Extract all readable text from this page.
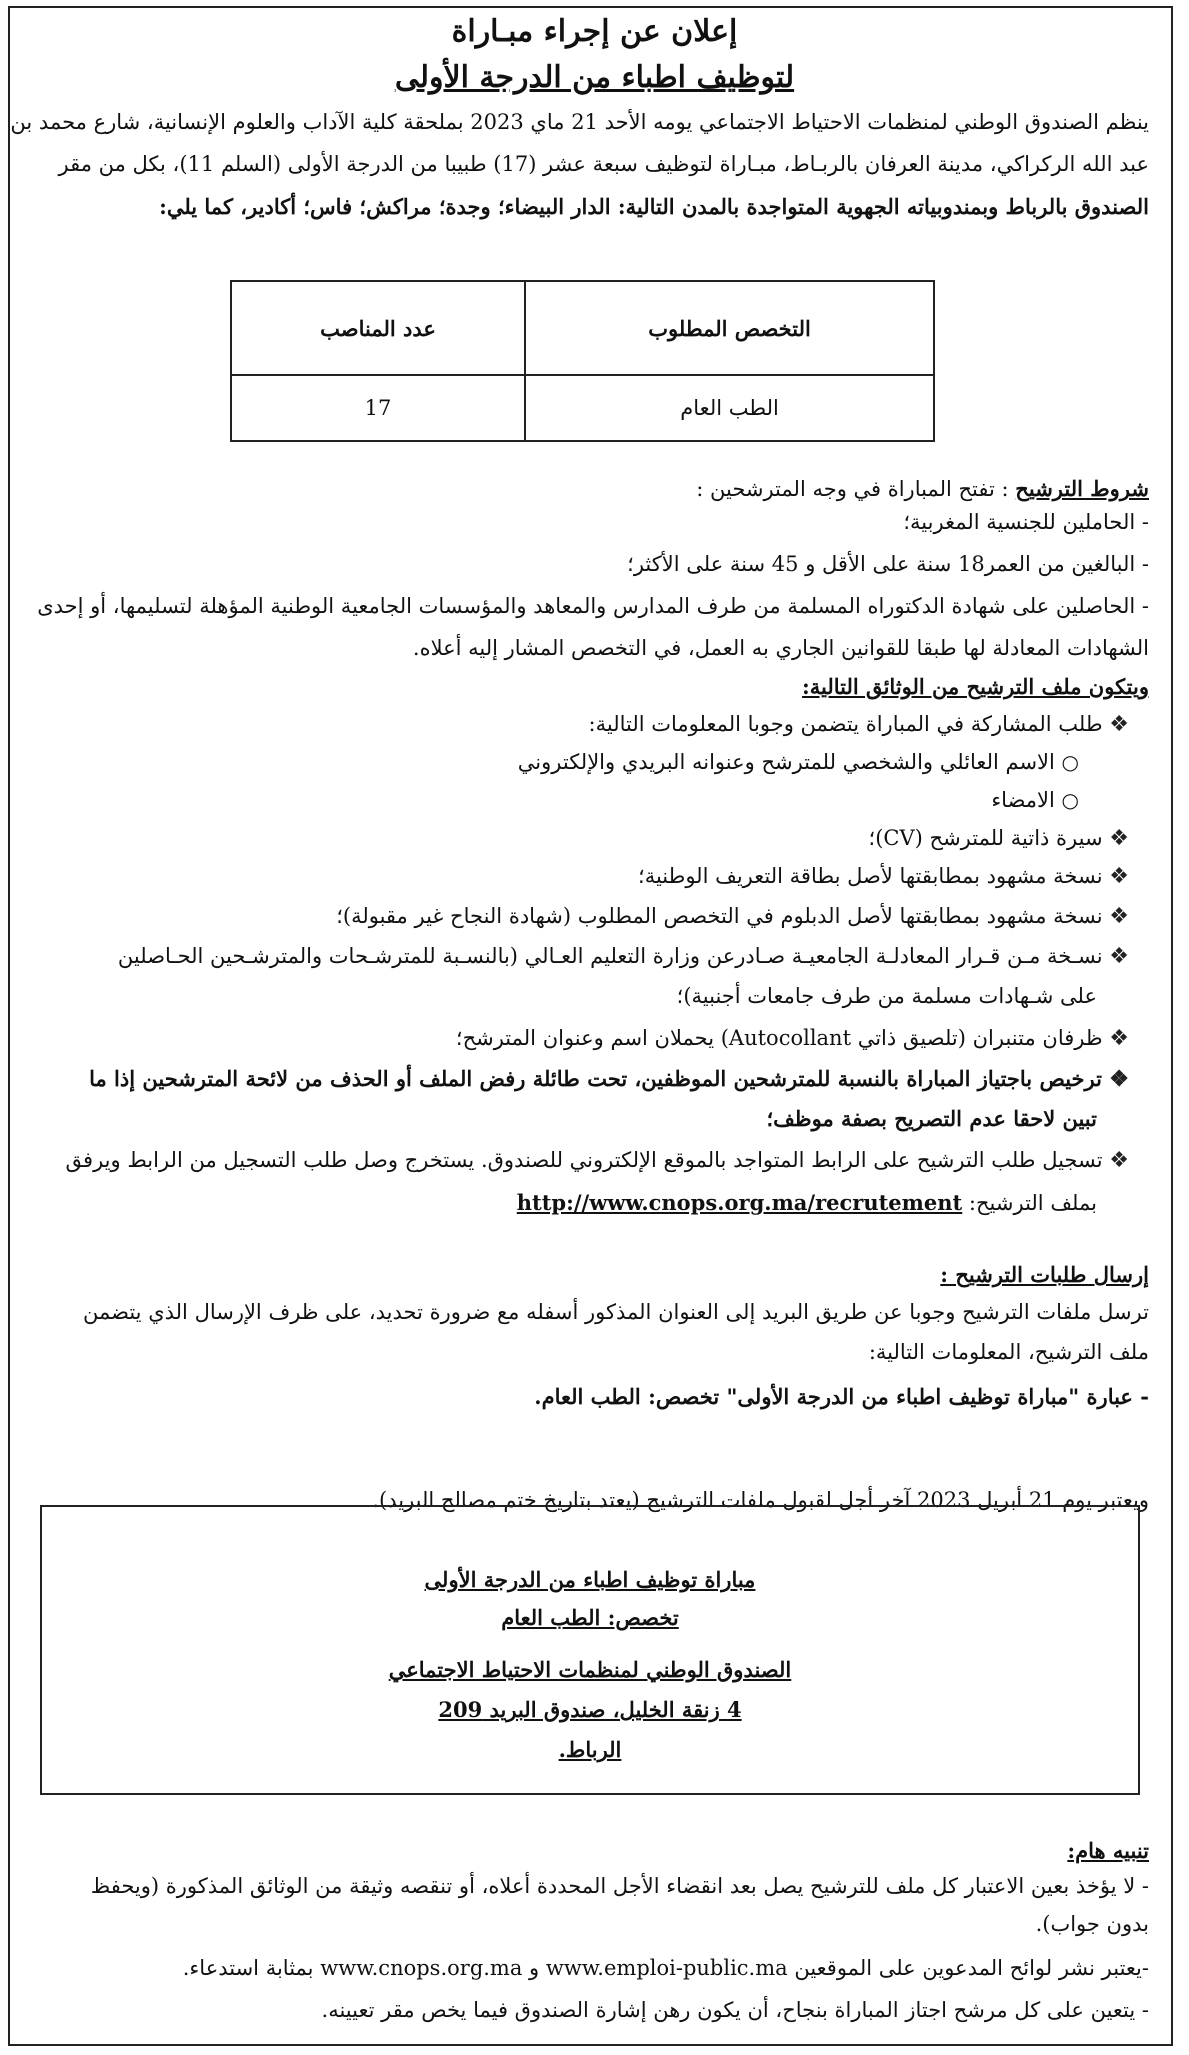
إعلان عن إجراء مبـاراة
لتوظيف اطباء من الدرجة الأولى
ينظم الصندوق الوطني لمنظمات الاحتياط الاجتماعي يومه الأحد 21 ماي 2023 بملحقة كلية الآداب والعلوم الإنسانية، شارع محمد بن
عبد الله الركراكي، مدينة العرفان بالربـاط، مبـاراة لتوظيف سبعة عشر (17) طبيبا من الدرجة الأولى (السلم 11)، بكل من مقر
الصندوق بالرباط وبمندوبياته الجهوية المتواجدة بالمدن التالية: الدار البيضاء؛ وجدة؛ مراكش؛ فاس؛ أكادير، كما يلي:
التخصص المطلوب	عدد المناصب
الطب العام	17
شروط الترشيح : تفتح المباراة في وجه المترشحين :
- الحاملين للجنسية المغربية؛
- البالغين من العمر18 سنة على الأقل و 45 سنة على الأكثر؛
- الحاصلين على شهادة الدكتوراه المسلمة من طرف المدارس والمعاهد والمؤسسات الجامعية الوطنية المؤهلة لتسليمها، أو إحدى
الشهادات المعادلة لها طبقا للقوانين الجاري به العمل، في التخصص المشار إليه أعلاه.
ويتكون ملف الترشيح من الوثائق التالية:
❖ طلب المشاركة في المباراة يتضمن وجوبا المعلومات التالية:
○ الاسم العائلي والشخصي للمترشح وعنوانه البريدي والإلكتروني
○ الامضاء
❖ سيرة ذاتية للمترشح (CV)؛
❖ نسخة مشهود بمطابقتها لأصل بطاقة التعريف الوطنية؛
❖ نسخة مشهود بمطابقتها لأصل الدبلوم في التخصص المطلوب (شهادة النجاح غير مقبولة)؛
❖ نسـخة مـن قـرار المعادلـة الجامعيـة صـادرعن وزارة التعليم العـالي (بالنسـبة للمترشـحات والمترشـحين الحـاصلين
على شـهادات مسلمة من طرف جامعات أجنبية)؛
❖ ظرفان متنبران (تلصيق ذاتي Autocollant) يحملان اسم وعنوان المترشح؛
❖ ترخيص باجتياز المباراة بالنسبة للمترشحين الموظفين، تحت طائلة رفض الملف أو الحذف من لائحة المترشحين إذا ما
تبين لاحقا عدم التصريح بصفة موظف؛
❖ تسجيل طلب الترشيح على الرابط المتواجد بالموقع الإلكتروني للصندوق. يستخرج وصل طلب التسجيل من الرابط ويرفق
بملف الترشيح: http://www.cnops.org.ma/recrutement
إرسال طلبات الترشيح :
ترسل ملفات الترشيح وجوبا عن طريق البريد إلى العنوان المذكور أسفله مع ضرورة تحديد، على ظرف الإرسال الذي يتضمن
ملف الترشيح، المعلومات التالية:
- عبارة "مباراة توظيف اطباء من الدرجة الأولى" تخصص: الطب العام.
ويعتبر يوم 21 أبريل 2023 آخر أجل لقبول ملفات الترشيح (يعتد بتاريخ ختم مصالح البريد).
مباراة توظيف اطباء من الدرجة الأولى
تخصص: الطب العام
الصندوق الوطني لمنظمات الاحتياط الاجتماعي
4 زنقة الخليل، صندوق البريد 209
الرباط.
تنبيه هام:
- لا يؤخذ بعين الاعتبار كل ملف للترشيح يصل بعد انقضاء الأجل المحددة أعلاه، أو تنقصه وثيقة من الوثائق المذكورة (ويحفظ
بدون جواب).
-يعتبر نشر لوائح المدعوين على الموقعين www.emploi-public.ma و www.cnops.org.ma بمثابة استدعاء.
- يتعين على كل مرشح اجتاز المباراة بنجاح، أن يكون رهن إشارة الصندوق فيما يخص مقر تعيينه.
